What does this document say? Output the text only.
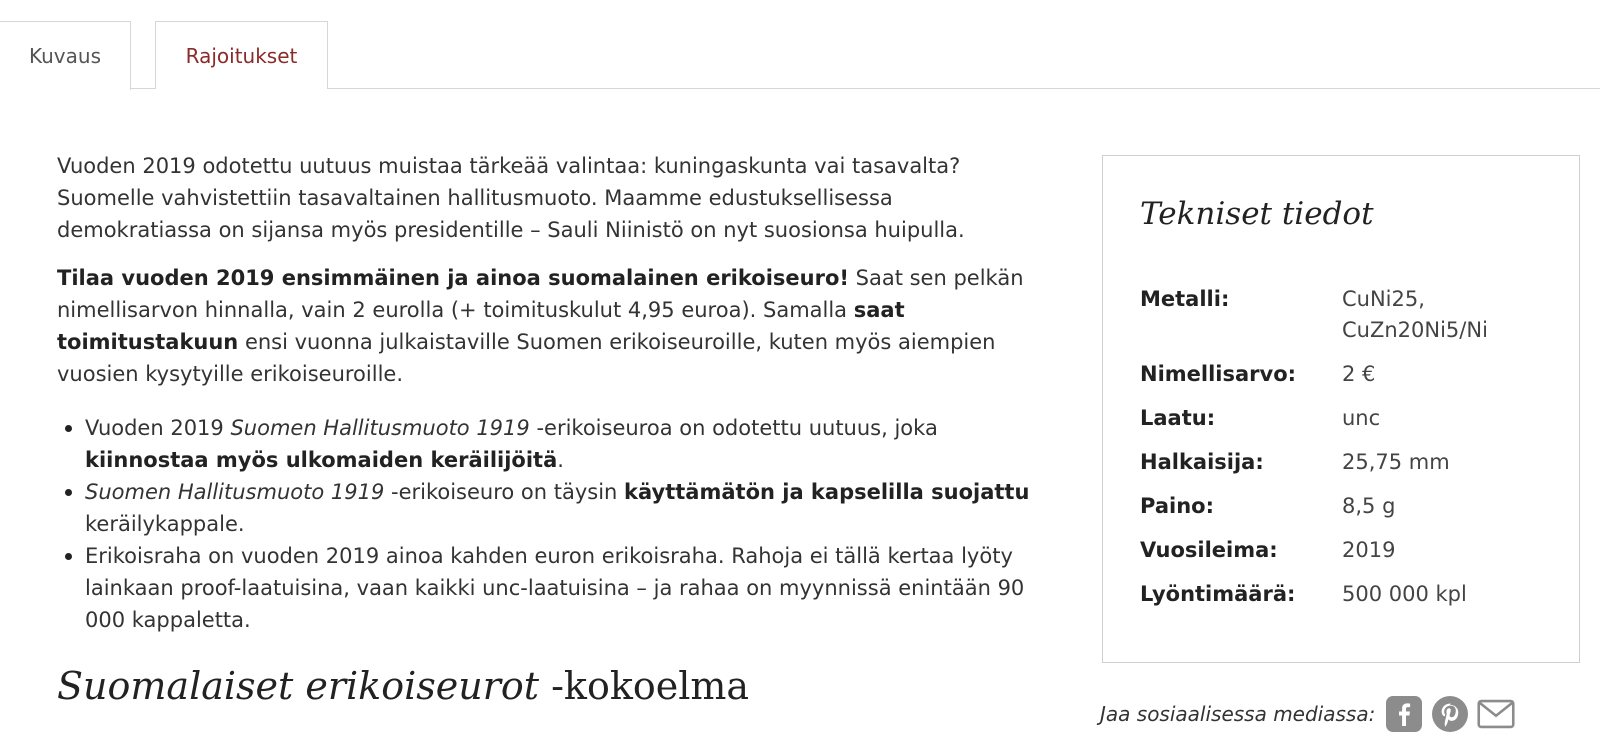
Kuvaus	Rajoitukset

Vuoden 2019 odotettu uutuus muistaa tärkeää valintaa: kuningaskunta vai tasavalta? Suomelle vahvistettiin tasavaltainen hallitusmuoto. Maamme edustuksellisessa demokratiassa on sijansa myös presidentille – Sauli Niinistö on nyt suosionsa huipulla.

Tilaa vuoden 2019 ensimmäinen ja ainoa suomalainen erikoiseuro! Saat sen pelkän nimellisarvon hinnalla, vain 2 eurolla (+ toimituskulut 4,95 euroa). Samalla saat toimitustakuun ensi vuonna julkaistaville Suomen erikoiseuroille, kuten myös aiempien vuosien kysytyille erikoiseuroille.

Vuoden 2019 Suomen Hallitusmuoto 1919 -erikoiseuroa on odotettu uutuus, joka kiinnostaa myös ulkomaiden keräilijöitä.
Suomen Hallitusmuoto 1919 -erikoiseuro on täysin käyttämätön ja kapselilla suojattu keräilykappale.
Erikoisraha on vuoden 2019 ainoa kahden euron erikoisraha. Rahoja ei tällä kertaa lyöty lainkaan proof-laatuisina, vaan kaikki unc-laatuisina – ja rahaa on myynnissä enintään 90 000 kappaletta.
Suomalaiset erikoiseurot -kokoelma
Tekniset tiedot
Metalli:	CuNi25, CuZn20Ni5/Ni
Nimellisarvo:	2 €
Laatu:	unc
Halkaisija:	25,75 mm
Paino:	8,5 g
Vuosileima:	2019
Lyöntimäärä:	500 000 kpl
Jaa sosiaalisessa mediassa:
